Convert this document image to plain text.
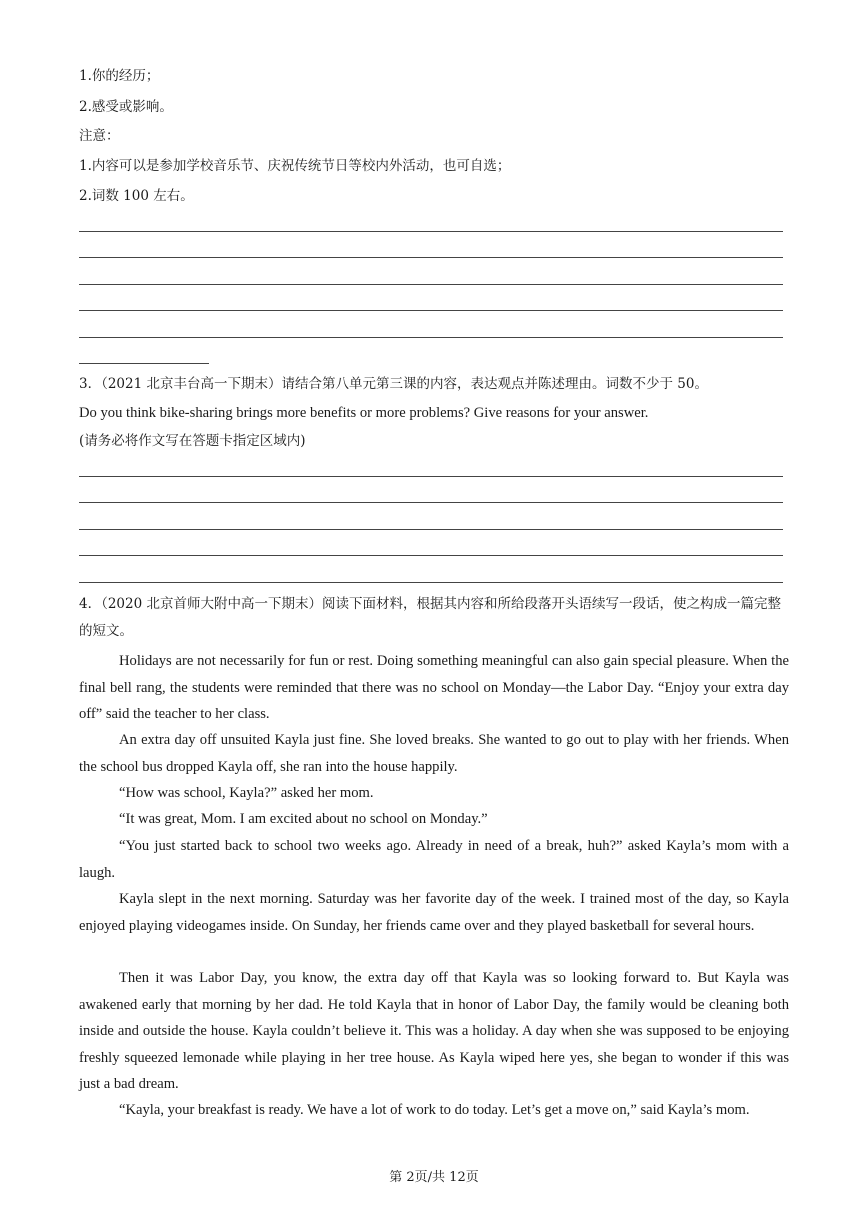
1.你的经历；
2.感受或影响。
注意：
1.内容可以是参加学校音乐节、庆祝传统节日等校内外活动，也可自选；
2.词数 100 左右。
3．（2021 北京丰台高一下期末）请结合第八单元第三课的内容，表达观点并陈述理由。词数不少于 50。
Do you think bike-sharing brings more benefits or more problems? Give reasons for your answer.
(请务必将作文写在答题卡指定区域内)

4．（2020 北京首师大附中高一下期末）阅读下面材料，根据其内容和所给段落开头语续写一段话，使之构成一篇完整的短文。

Holidays are not necessarily for fun or rest. Doing something meaningful can also gain special pleasure. When the final bell rang, the students were reminded that there was no school on Monday—the Labor Day. “Enjoy your extra day off” said the teacher to her class.

An extra day off unsuited Kayla just fine. She loved breaks. She wanted to go out to play with her friends. When the school bus dropped Kayla off, she ran into the house happily.

“How was school, Kayla?” asked her mom.

“It was great, Mom. I am excited about no school on Monday.”

“You just started back to school two weeks ago. Already in need of a break, huh?” asked Kayla’s mom with a laugh.

Kayla slept in the next morning. Saturday was her favorite day of the week. I trained most of the day, so Kayla enjoyed playing videogames inside. On Sunday, her friends came over and they played basketball for several hours.

Then it was Labor Day, you know, the extra day off that Kayla was so looking forward to. But Kayla was awakened early that morning by her dad. He told Kayla that in honor of Labor Day, the family would be cleaning both inside and outside the house. Kayla couldn’t believe it. This was a holiday. A day when she was supposed to be enjoying freshly squeezed lemonade while playing in her tree house. As Kayla wiped here yes, she began to wonder if this was just a bad dream.

“Kayla, your breakfast is ready. We have a lot of work to do today. Let’s get a move on,” said Kayla’s mom.

第 2页/共 12页
